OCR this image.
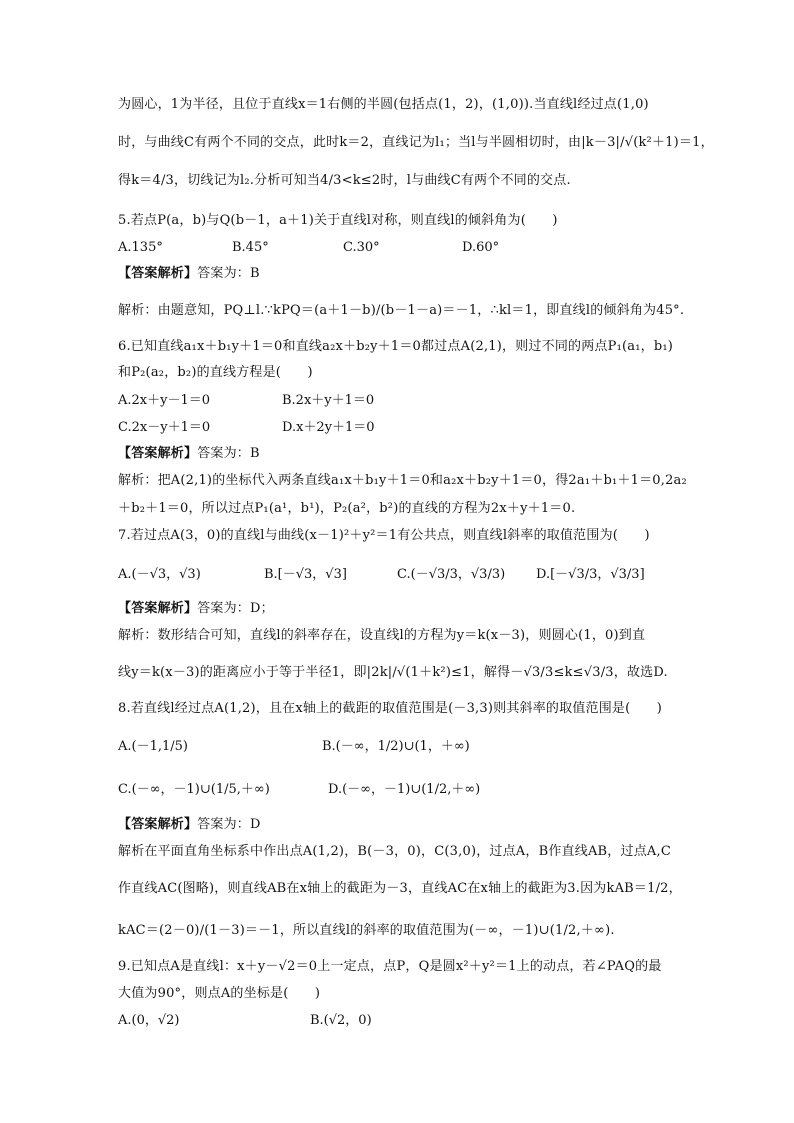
为圆心，1为半径，且位于直线x＝1右侧的半圆(包括点(1，2)，(1,0)).当直线l经过点(1,0)
时，与曲线C有两个不同的交点，此时k＝2，直线记为l₁；当l与半圆相切时，由|k－3|/√(k²＋1)＝1，
得k＝4/3，切线记为l₂.分析可知当4/3<k≤2时，l与曲线C有两个不同的交点.
5.若点P(a，b)与Q(b－1，a＋1)关于直线l对称，则直线l的倾斜角为(　　)
A.135°	B.45°	C.30°	D.60°
【答案解析】答案为：B
解析：由题意知，PQ⊥l.∵kPQ＝(a＋1－b)/(b－1－a)＝－1，∴kl＝1，即直线l的倾斜角为45°.
6.已知直线a₁x＋b₁y＋1＝0和直线a₂x＋b₂y＋1＝0都过点A(2,1)，则过不同的两点P₁(a₁，b₁)
和P₂(a₂，b₂)的直线方程是(　　)
A.2x＋y－1＝0	B.2x＋y＋1＝0
C.2x－y＋1＝0	D.x＋2y＋1＝0
【答案解析】答案为：B
解析：把A(2,1)的坐标代入两条直线a₁x＋b₁y＋1＝0和a₂x＋b₂y＋1＝0，得2a₁＋b₁＋1＝0,2a₂
＋b₂＋1＝0，所以过点P₁(a¹，b¹)，P₂(a²，b²)的直线的方程为2x＋y＋1＝0.
7.若过点A(3，0)的直线l与曲线(x－1)²＋y²＝1有公共点，则直线l斜率的取值范围为(　　)
A.(－√3，√3)	B.[－√3，√3]	C.(－√3/3，√3/3) D.[－√3/3，√3/3]
【答案解析】答案为：D；
解析：数形结合可知，直线l的斜率存在，设直线l的方程为y＝k(x－3)，则圆心(1，0)到直
线y＝k(x－3)的距离应小于等于半径1，即|2k|/√(1＋k²)≤1，解得－√3/3≤k≤√3/3，故选D.
8.若直线l经过点A(1,2)，且在x轴上的截距的取值范围是(－3,3)则其斜率的取值范围是(　　)
A.(－1,1/5)	B.(－∞，1/2)∪(1，＋∞)
C.(－∞，－1)∪(1/5,＋∞)	D.(－∞，－1)∪(1/2,＋∞)
【答案解析】答案为：D
解析在平面直角坐标系中作出点A(1,2)，B(－3，0)，C(3,0)，过点A，B作直线AB，过点A,C
作直线AC(图略)，则直线AB在x轴上的截距为－3，直线AC在x轴上的截距为3.因为kAB＝1/2，
kAC＝(2－0)/(1－3)＝－1，所以直线l的斜率的取值范围为(－∞，－1)∪(1/2,＋∞).
9.已知点A是直线l：x＋y－√2＝0上一定点，点P，Q是圆x²＋y²＝1上的动点，若∠PAQ的最
大值为90°，则点A的坐标是(　　)
A.(0，√2)	B.(√2，0)
